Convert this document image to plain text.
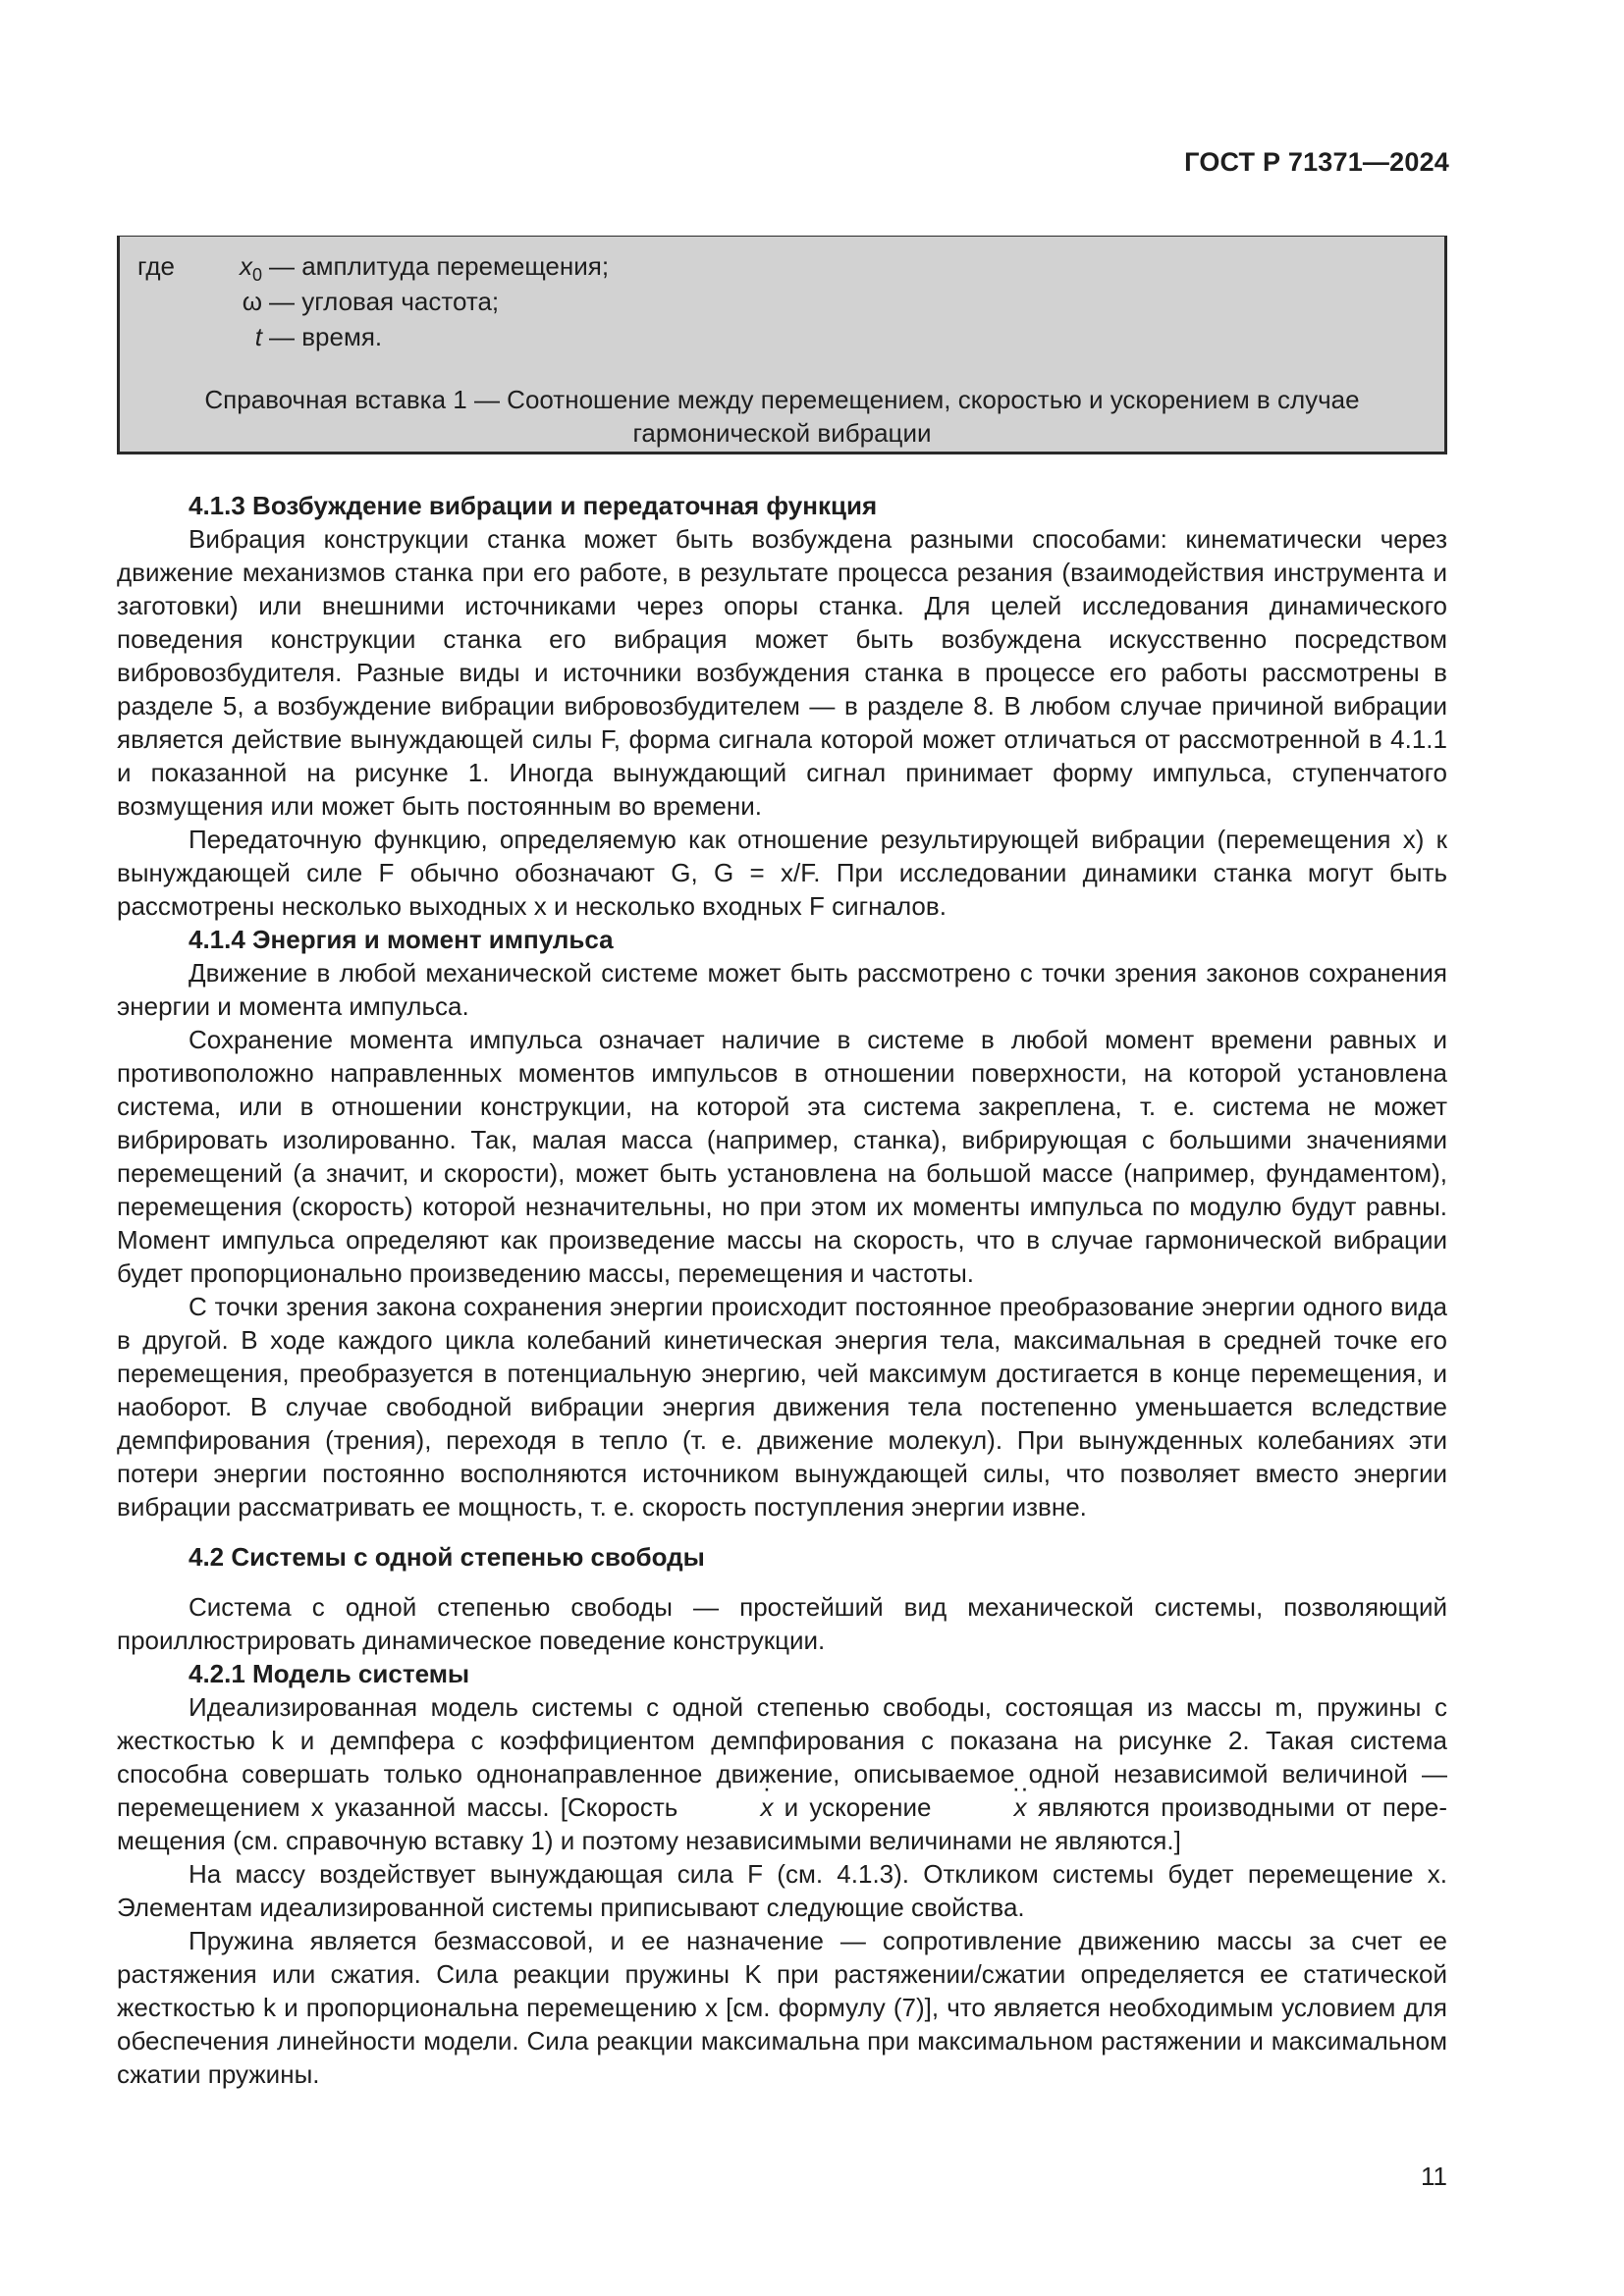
ГОСТ Р 71371—2024
где	$x_0$ — амплитуда перемещения;
ω — угловая частота;
t — время.
Справочная вставка 1 — Соотношение между перемещением, скоростью и ускорением в случае
гармонической вибрации
4.1.3 Возбуждение вибрации и передаточная функция

Вибрация конструкции станка может быть возбуждена разными способами: кинематически через движение механизмов станка при его работе, в результате процесса резания (взаимодействия инструмента и заготовки) или внешними источниками через опоры станка. Для целей исследования динамического поведения конструкции станка его вибрация может быть возбуждена искусственно посредством вибровозбудителя. Разные виды и источники возбуждения станка в процессе его работы рассмотрены в разделе 5, а возбуждение вибрации вибровозбудителем — в разделе 8. В любом случае причиной вибрации является действие вынуждающей силы F, форма сигнала которой может отличаться от рассмотренной в 4.1.1 и показанной на рисунке 1. Иногда вынуждающий сигнал принимает форму импульса, ступенчатого возмущения или может быть постоянным во времени.

Передаточную функцию, определяемую как отношение результирующей вибрации (перемещения x) к вынуждающей силе F обычно обозначают G, G = x/F. При исследовании динамики станка могут быть рассмотрены несколько выходных x и несколько входных F сигналов.

4.1.4 Энергия и момент импульса

Движение в любой механической системе может быть рассмотрено с точки зрения законов сохранения энергии и момента импульса.

Сохранение момента импульса означает наличие в системе в любой момент времени равных и противоположно направленных моментов импульсов в отношении поверхности, на которой установлена система, или в отношении конструкции, на которой эта система закреплена, т. е. система не может вибрировать изолированно. Так, малая масса (например, станка), вибрирующая с большими значениями перемещений (а значит, и скорости), может быть установлена на большой массе (например, фундаментом), перемещения (скорость) которой незначительны, но при этом их моменты импульса по модулю будут равны. Момент импульса определяют как произведение массы на скорость, что в случае гармонической вибрации будет пропорционально произведению массы, перемещения и частоты.

С точки зрения закона сохранения энергии происходит постоянное преобразование энергии одного вида в другой. В ходе каждого цикла колебаний кинетическая энергия тела, максимальная в средней точке его перемещения, преобразуется в потенциальную энергию, чей максимум достигается в конце перемещения, и наоборот. В случае свободной вибрации энергия движения тела постепенно уменьшается вследствие демпфирования (трения), переходя в тепло (т. е. движение молекул). При вынужденных колебаниях эти потери энергии постоянно восполняются источником вынуждающей силы, что позволяет вместо энергии вибрации рассматривать ее мощность, т. е. скорость поступления энергии извне.

4.2 Системы с одной степенью свободы

Система с одной степенью свободы — простейший вид механической системы, позволяющий проиллюстрировать динамическое поведение конструкции.

4.2.1 Модель системы

Идеализированная модель системы с одной степенью свободы, состоящая из массы m, пружины с жесткостью k и демпфера с коэффициентом демпфирования c показана на рисунке 2. Такая система способна совершать только однонаправленное движение, описываемое одной независимой величиной — перемещением x указанной массы. [Скорость	· x и ускорение	·· x являются производными от перемещения (см. справочную вставку 1) и поэтому независимыми величинами не являются.]

На массу воздействует вынуждающая сила F (см. 4.1.3). Откликом системы будет перемещение x. Элементам идеализированной системы приписывают следующие свойства.

Пружина является безмассовой, и ее назначение — сопротивление движению массы за счет ее растяжения или сжатия. Сила реакции пружины K при растяжении/сжатии определяется ее статической жесткостью k и пропорциональна перемещению x [см. формулу (7)], что является необходимым условием для обеспечения линейности модели. Сила реакции максимальна при максимальном растяжении и максимальном сжатии пружины.

11
